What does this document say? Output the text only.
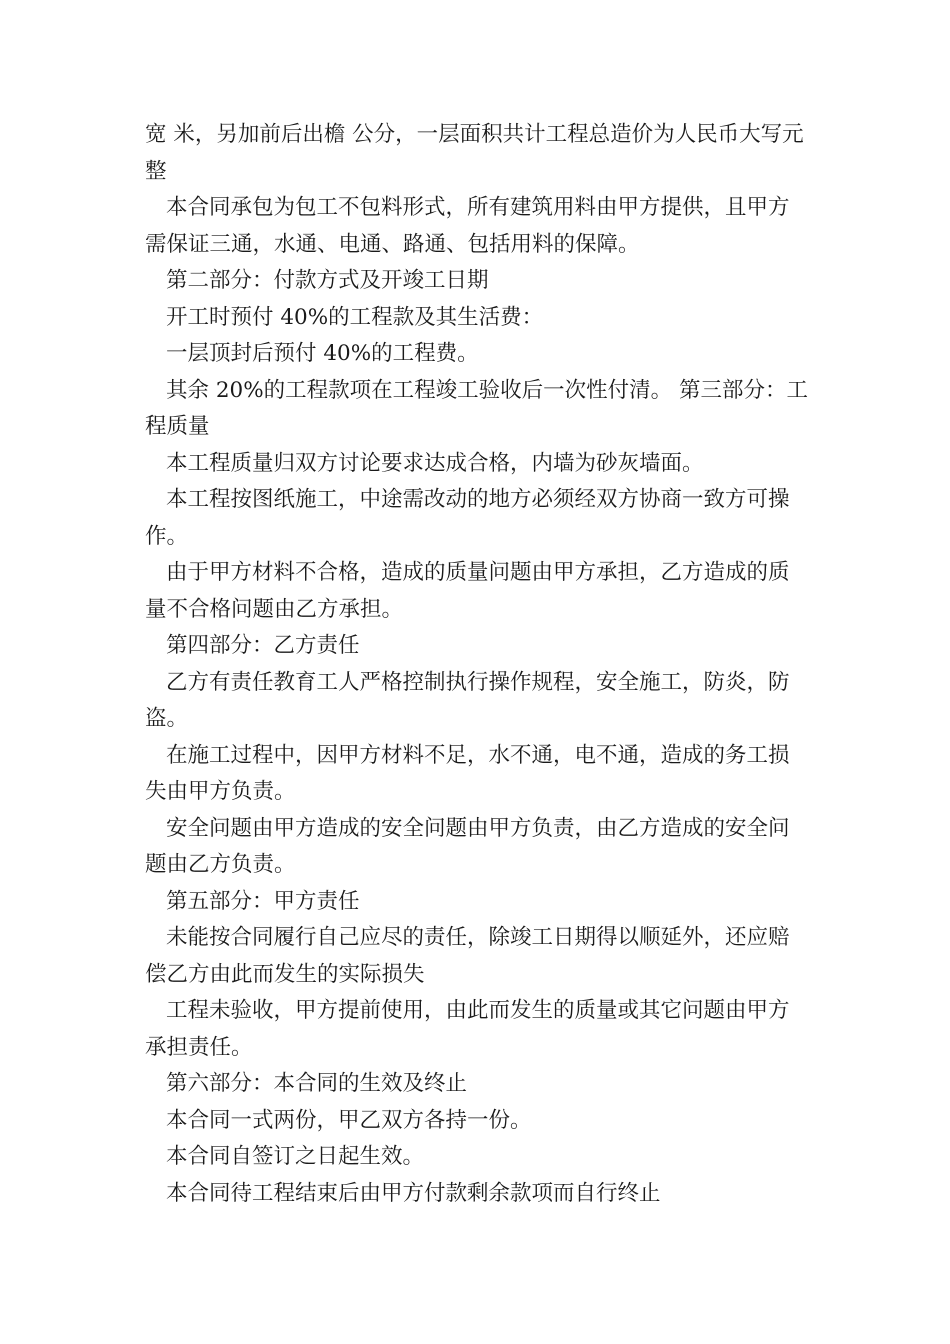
宽 米，另加前后出檐 公分，一层面积共计工程总造价为人民币大写元整

本合同承包为包工不包料形式，所有建筑用料由甲方提供，且甲方需保证三通，水通、电通、路通、包括用料的保障。

第二部分：付款方式及开竣工日期

开工时预付 40%的工程款及其生活费：

一层顶封后预付 40%的工程费。

其余 20%的工程款项在工程竣工验收后一次性付清。 第三部分：工程质量

本工程质量归双方讨论要求达成合格，内墙为砂灰墙面。

本工程按图纸施工，中途需改动的地方必须经双方协商一致方可操作。

由于甲方材料不合格，造成的质量问题由甲方承担，乙方造成的质量不合格问题由乙方承担。

第四部分：乙方责任

乙方有责任教育工人严格控制执行操作规程，安全施工，防炎，防盗。

在施工过程中，因甲方材料不足，水不通，电不通，造成的务工损失由甲方负责。

安全问题由甲方造成的安全问题由甲方负责，由乙方造成的安全问题由乙方负责。

第五部分：甲方责任

未能按合同履行自己应尽的责任，除竣工日期得以顺延外，还应赔偿乙方由此而发生的实际损失

工程未验收，甲方提前使用，由此而发生的质量或其它问题由甲方承担责任。

第六部分：本合同的生效及终止

本合同一式两份，甲乙双方各持一份。

本合同自签订之日起生效。

本合同待工程结束后由甲方付款剩余款项而自行终止
